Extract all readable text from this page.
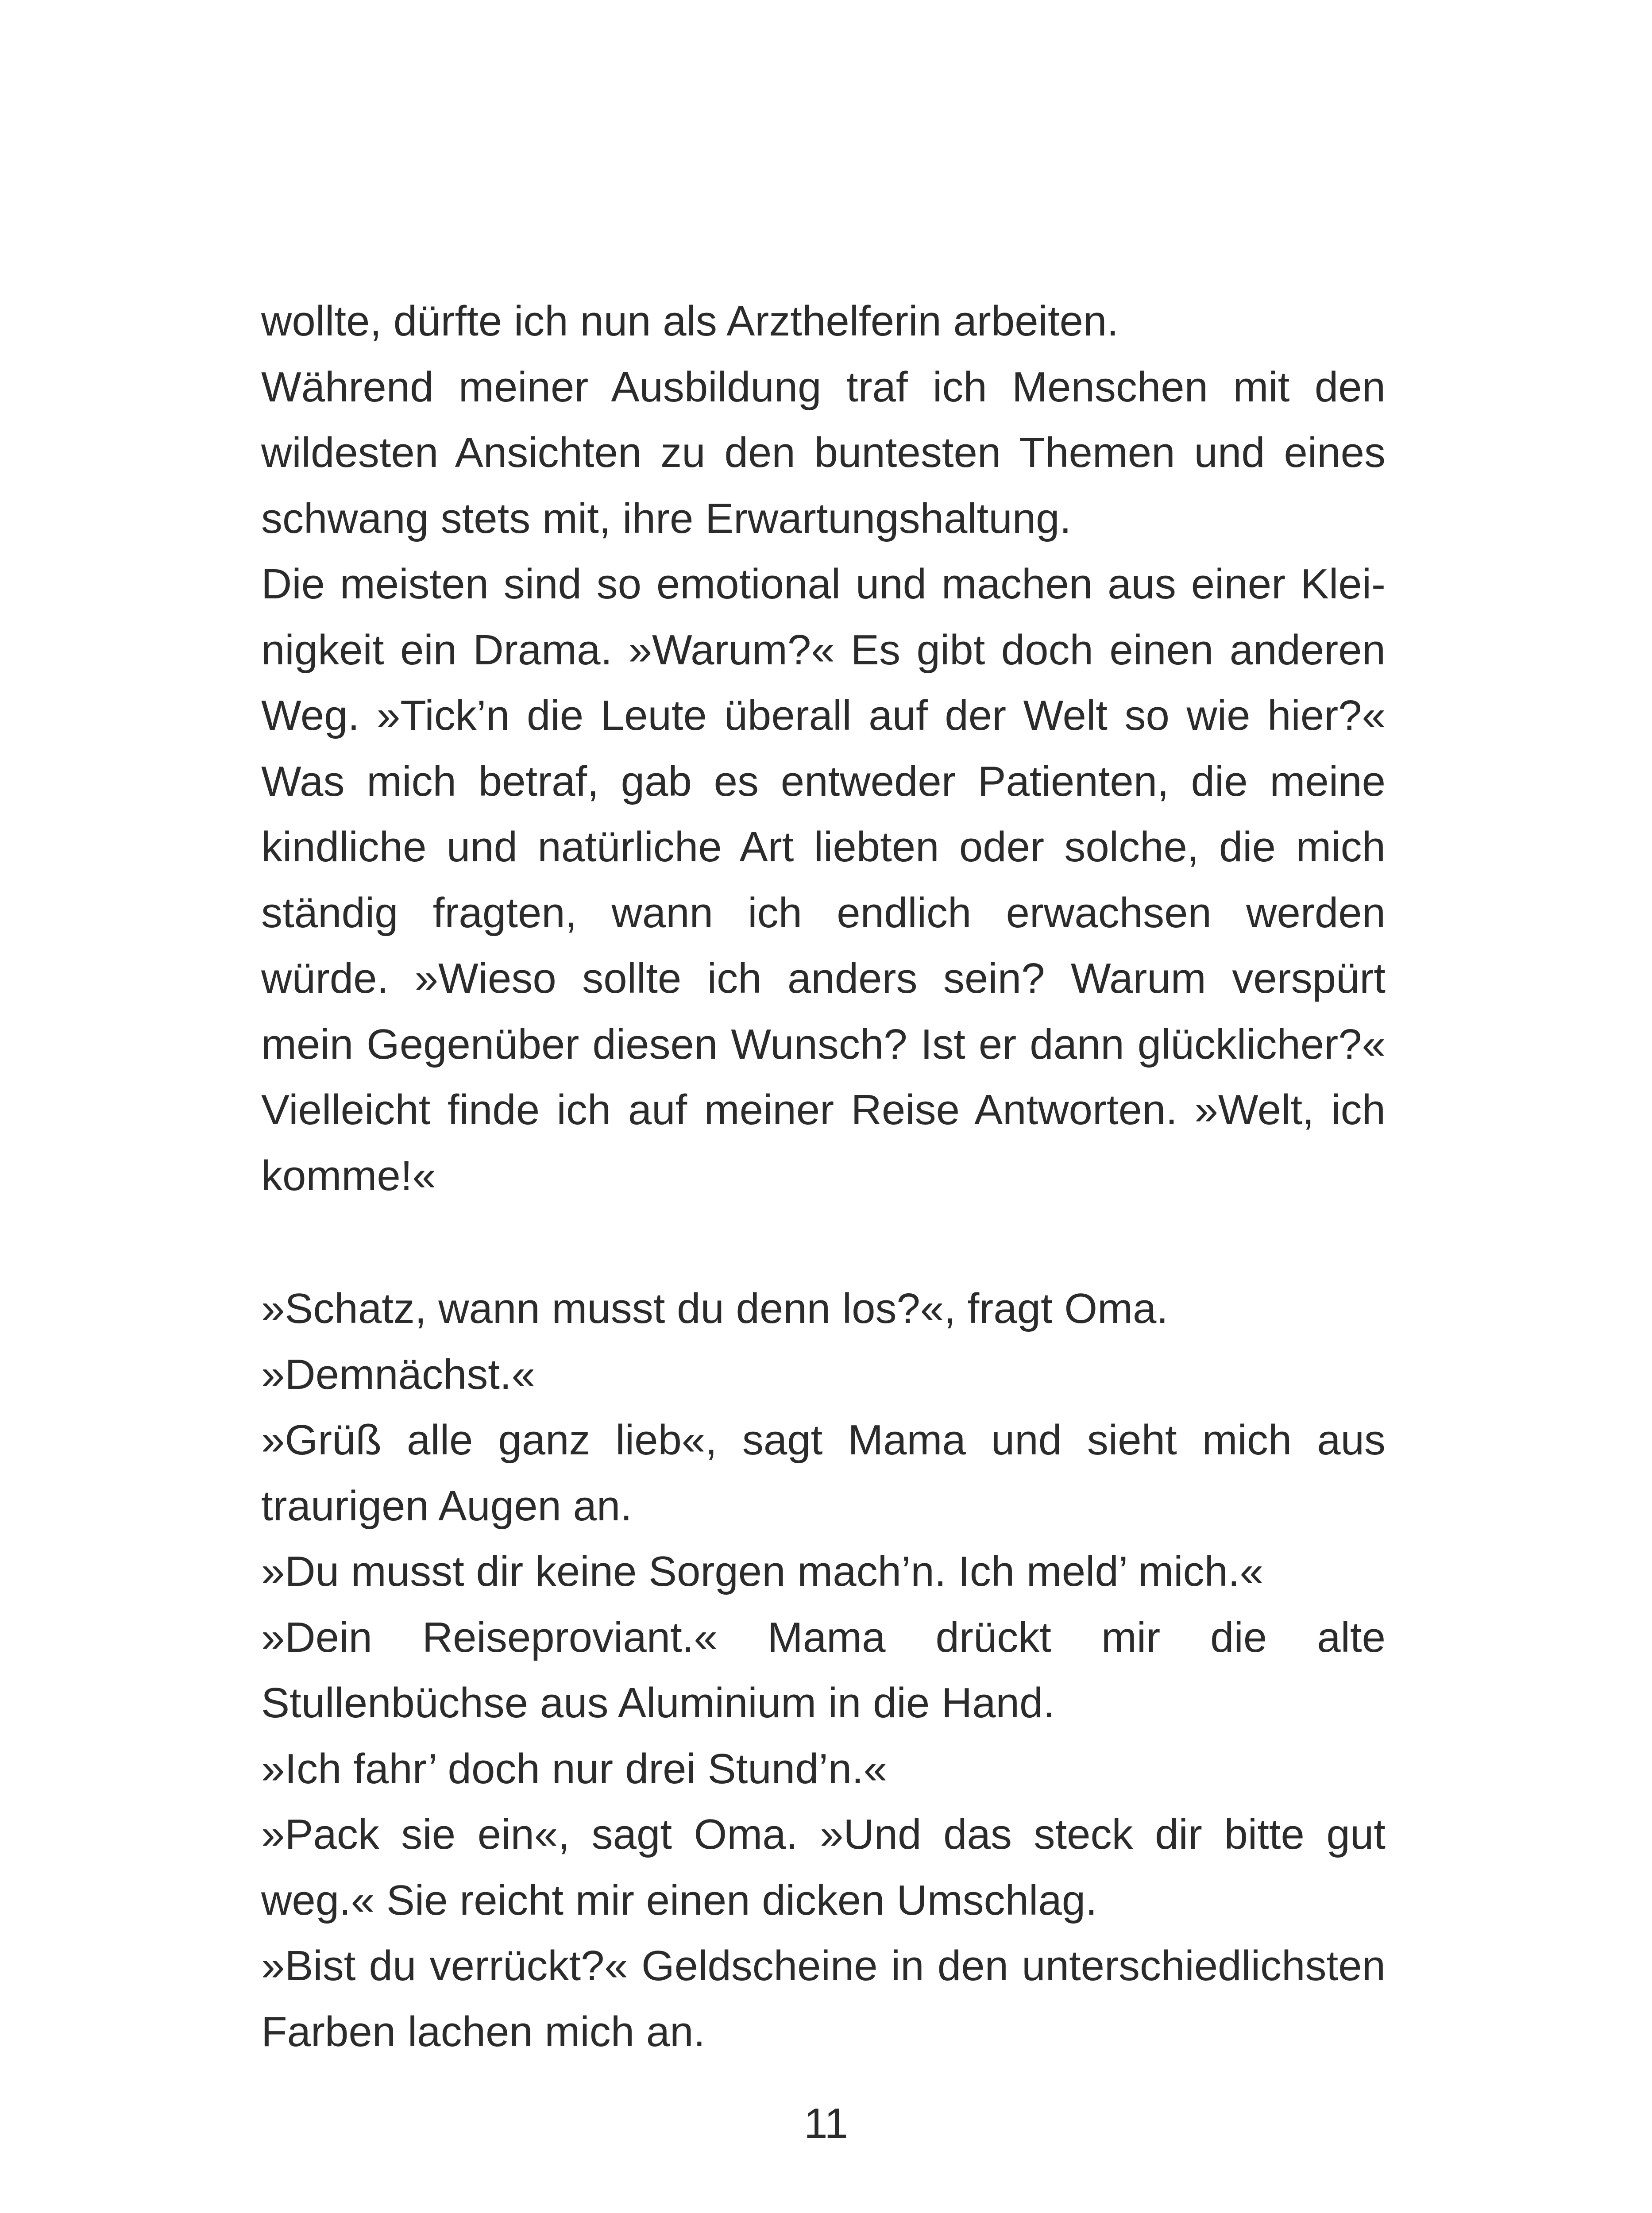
wollte, dürfte ich nun als Arzthelferin arbeiten.

Während meiner Ausbildung traf ich Menschen mit den wildesten Ansichten zu den buntesten Themen und eines schwang stets mit, ihre Erwartungshaltung.

Die meisten sind so emotional und machen aus einer Kleinigkeit ein Drama. »Warum?« Es gibt doch einen anderen Weg. »Tick’n die Leute überall auf der Welt so wie hier?« Was mich betraf, gab es entweder Patienten, die meine kindliche und natürliche Art liebten oder solche, die mich ständig fragten, wann ich endlich erwachsen werden würde. »Wieso sollte ich anders sein? Warum verspürt mein Gegenüber diesen Wunsch? Ist er dann glücklicher?« Vielleicht finde ich auf meiner Reise Antworten. »Welt, ich komme!«

»Schatz, wann musst du denn los?«, fragt Oma.

»Demnächst.«

»Grüß alle ganz lieb«, sagt Mama und sieht mich aus traurigen Augen an.

»Du musst dir keine Sorgen mach’n. Ich meld’ mich.«

»Dein Reiseproviant.« Mama drückt mir die alte Stullenbüchse aus Aluminium in die Hand.

»Ich fahr’ doch nur drei Stund’n.«

»Pack sie ein«, sagt Oma. »Und das steck dir bitte gut weg.« Sie reicht mir einen dicken Umschlag.

»Bist du verrückt?« Geldscheine in den unterschiedlichsten Farben lachen mich an.

11
